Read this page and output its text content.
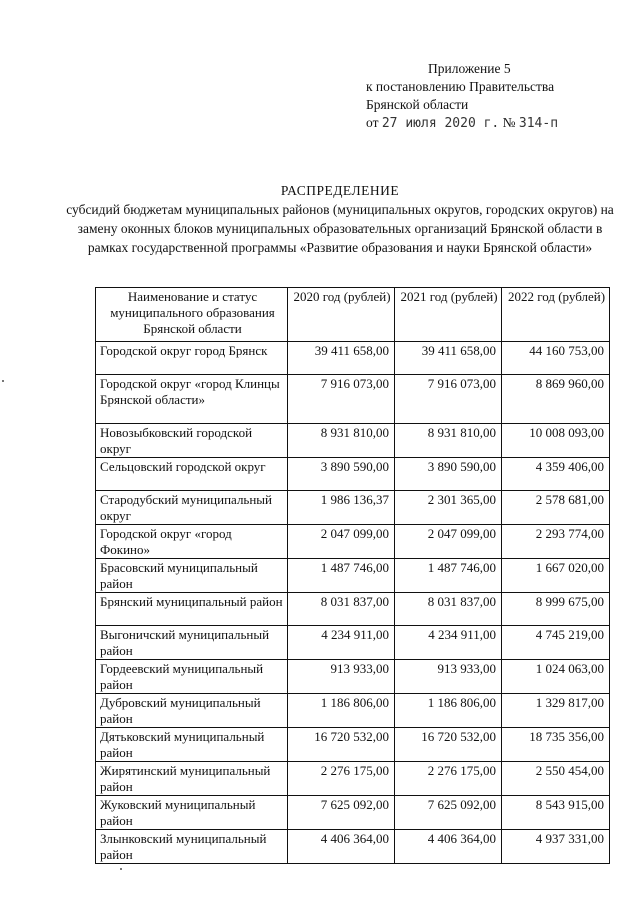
Приложение 5
к постановлению Правительства
Брянской области
от 27 июля 2020 г. № 314-п
РАСПРЕДЕЛЕНИЕ
субсидий бюджетам муниципальных районов (муниципальных округов, городских округов) на замену оконных блоков муниципальных образовательных организаций Брянской области в рамках государственной программы «Развитие образования и науки Брянской области»
Наименование и статус муниципального образования Брянской области	2020 год (рублей)	2021 год (рублей)	2022 год (рублей)
Городской округ город Брянск	39 411 658,00	39 411 658,00	44 160 753,00
Городской округ «город Клинцы Брянской области»	7 916 073,00	7 916 073,00	8 869 960,00
Новозыбковский городской округ	8 931 810,00	8 931 810,00	10 008 093,00
Сельцовский городской округ	3 890 590,00	3 890 590,00	4 359 406,00
Стародубский муниципальный округ	1 986 136,37	2 301 365,00	2 578 681,00
Городской округ «город Фокино»	2 047 099,00	2 047 099,00	2 293 774,00
Брасовский муниципальный район	1 487 746,00	1 487 746,00	1 667 020,00
Брянский муниципальный район	8 031 837,00	8 031 837,00	8 999 675,00
Выгоничский муниципальный район	4 234 911,00	4 234 911,00	4 745 219,00
Гордеевский муниципальный район	913 933,00	913 933,00	1 024 063,00
Дубровский муниципальный район	1 186 806,00	1 186 806,00	1 329 817,00
Дятьковский муниципальный район	16 720 532,00	16 720 532,00	18 735 356,00
Жирятинский муниципальный район	2 276 175,00	2 276 175,00	2 550 454,00
Жуковский муниципальный район	7 625 092,00	7 625 092,00	8 543 915,00
Злынковский муниципальный район	4 406 364,00	4 406 364,00	4 937 331,00
